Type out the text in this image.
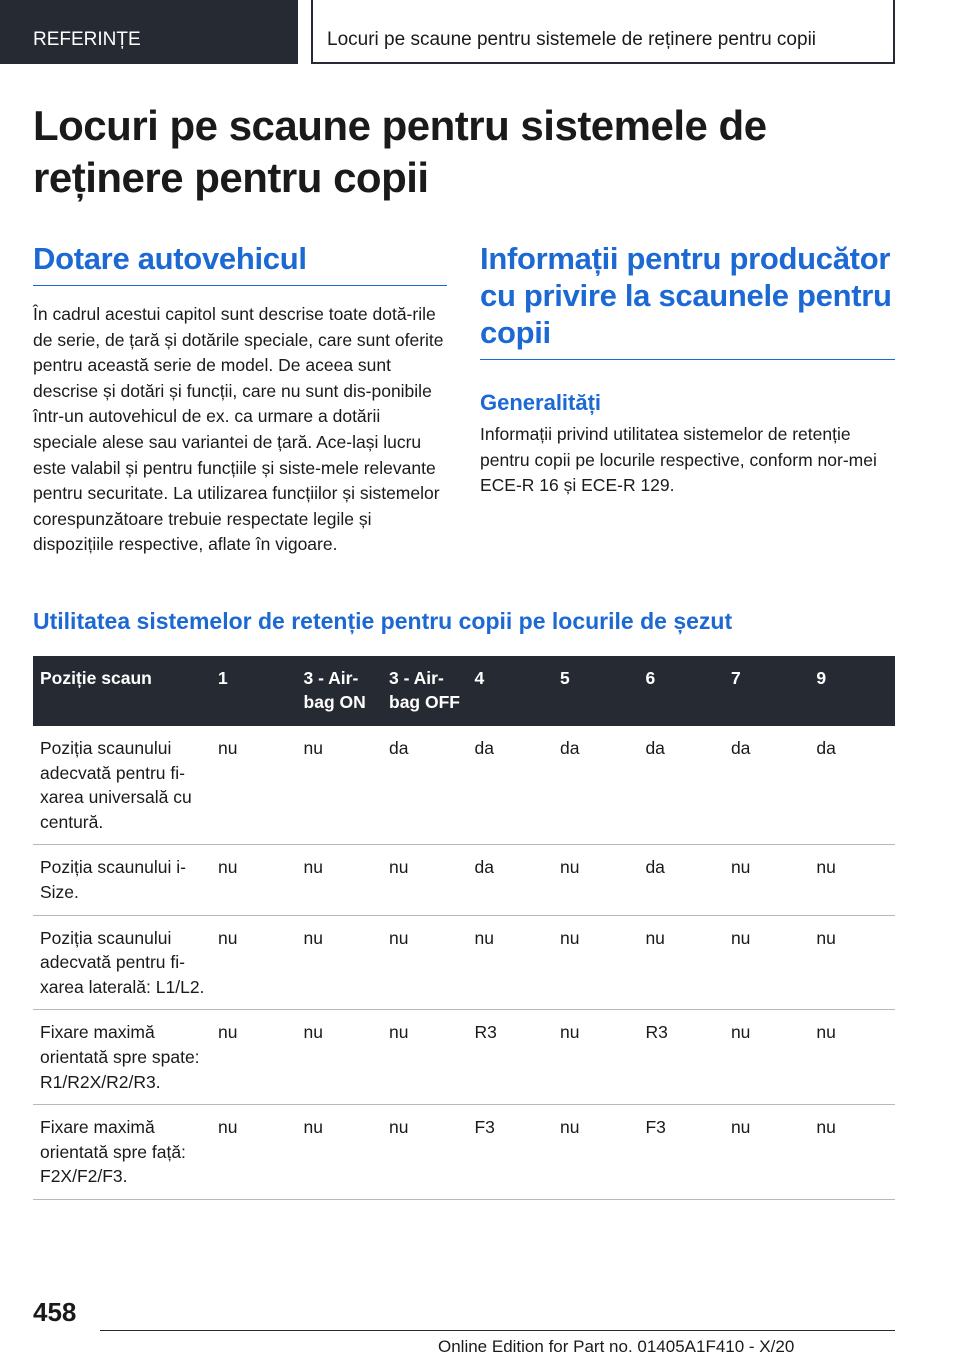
REFERINȚE	Locuri pe scaune pentru sistemele de reținere pentru copii
Locuri pe scaune pentru sistemele de reținere pentru copii
Dotare autovehicul

În cadrul acestui capitol sunt descrise toate dotă-rile de serie, de țară și dotările speciale, care sunt oferite pentru această serie de model. De aceea sunt descrise și dotări și funcții, care nu sunt dis-ponibile într-un autovehicul de ex. ca urmare a dotării speciale alese sau variantei de țară. Ace-lași lucru este valabil și pentru funcțiile și siste-mele relevante pentru securitate. La utilizarea funcțiilor și sistemelor corespunzătoare trebuie respectate legile și dispozițiile respective, aflate în vigoare.

Informații pentru producător cu privire la scaunele pentru copii
Generalități

Informații privind utilitatea sistemelor de retenție pentru copii pe locurile respective, conform nor-mei ECE-R 16 și ECE-R 129.

Utilitatea sistemelor de retenție pentru copii pe locurile de șezut
Poziție scaun	1	3 - Air-bag ON	3 - Air-bag OFF	4	5	6	7	9
Poziția scaunului adecvată pentru fi-xarea universală cu centură.	nu	nu	da	da	da	da	da	da
Poziția scaunului i-Size.	nu	nu	nu	da	nu	da	nu	nu
Poziția scaunului adecvată pentru fi-xarea laterală: L1/L2.	nu	nu	nu	nu	nu	nu	nu	nu
Fixare maximă orientată spre spate: R1/R2X/R2/R3.	nu	nu	nu	R3	nu	R3	nu	nu
Fixare maximă orientată spre față: F2X/F2/F3.	nu	nu	nu	F3	nu	F3	nu	nu
458
Online Edition for Part no. 01405A1F410 - X/20
